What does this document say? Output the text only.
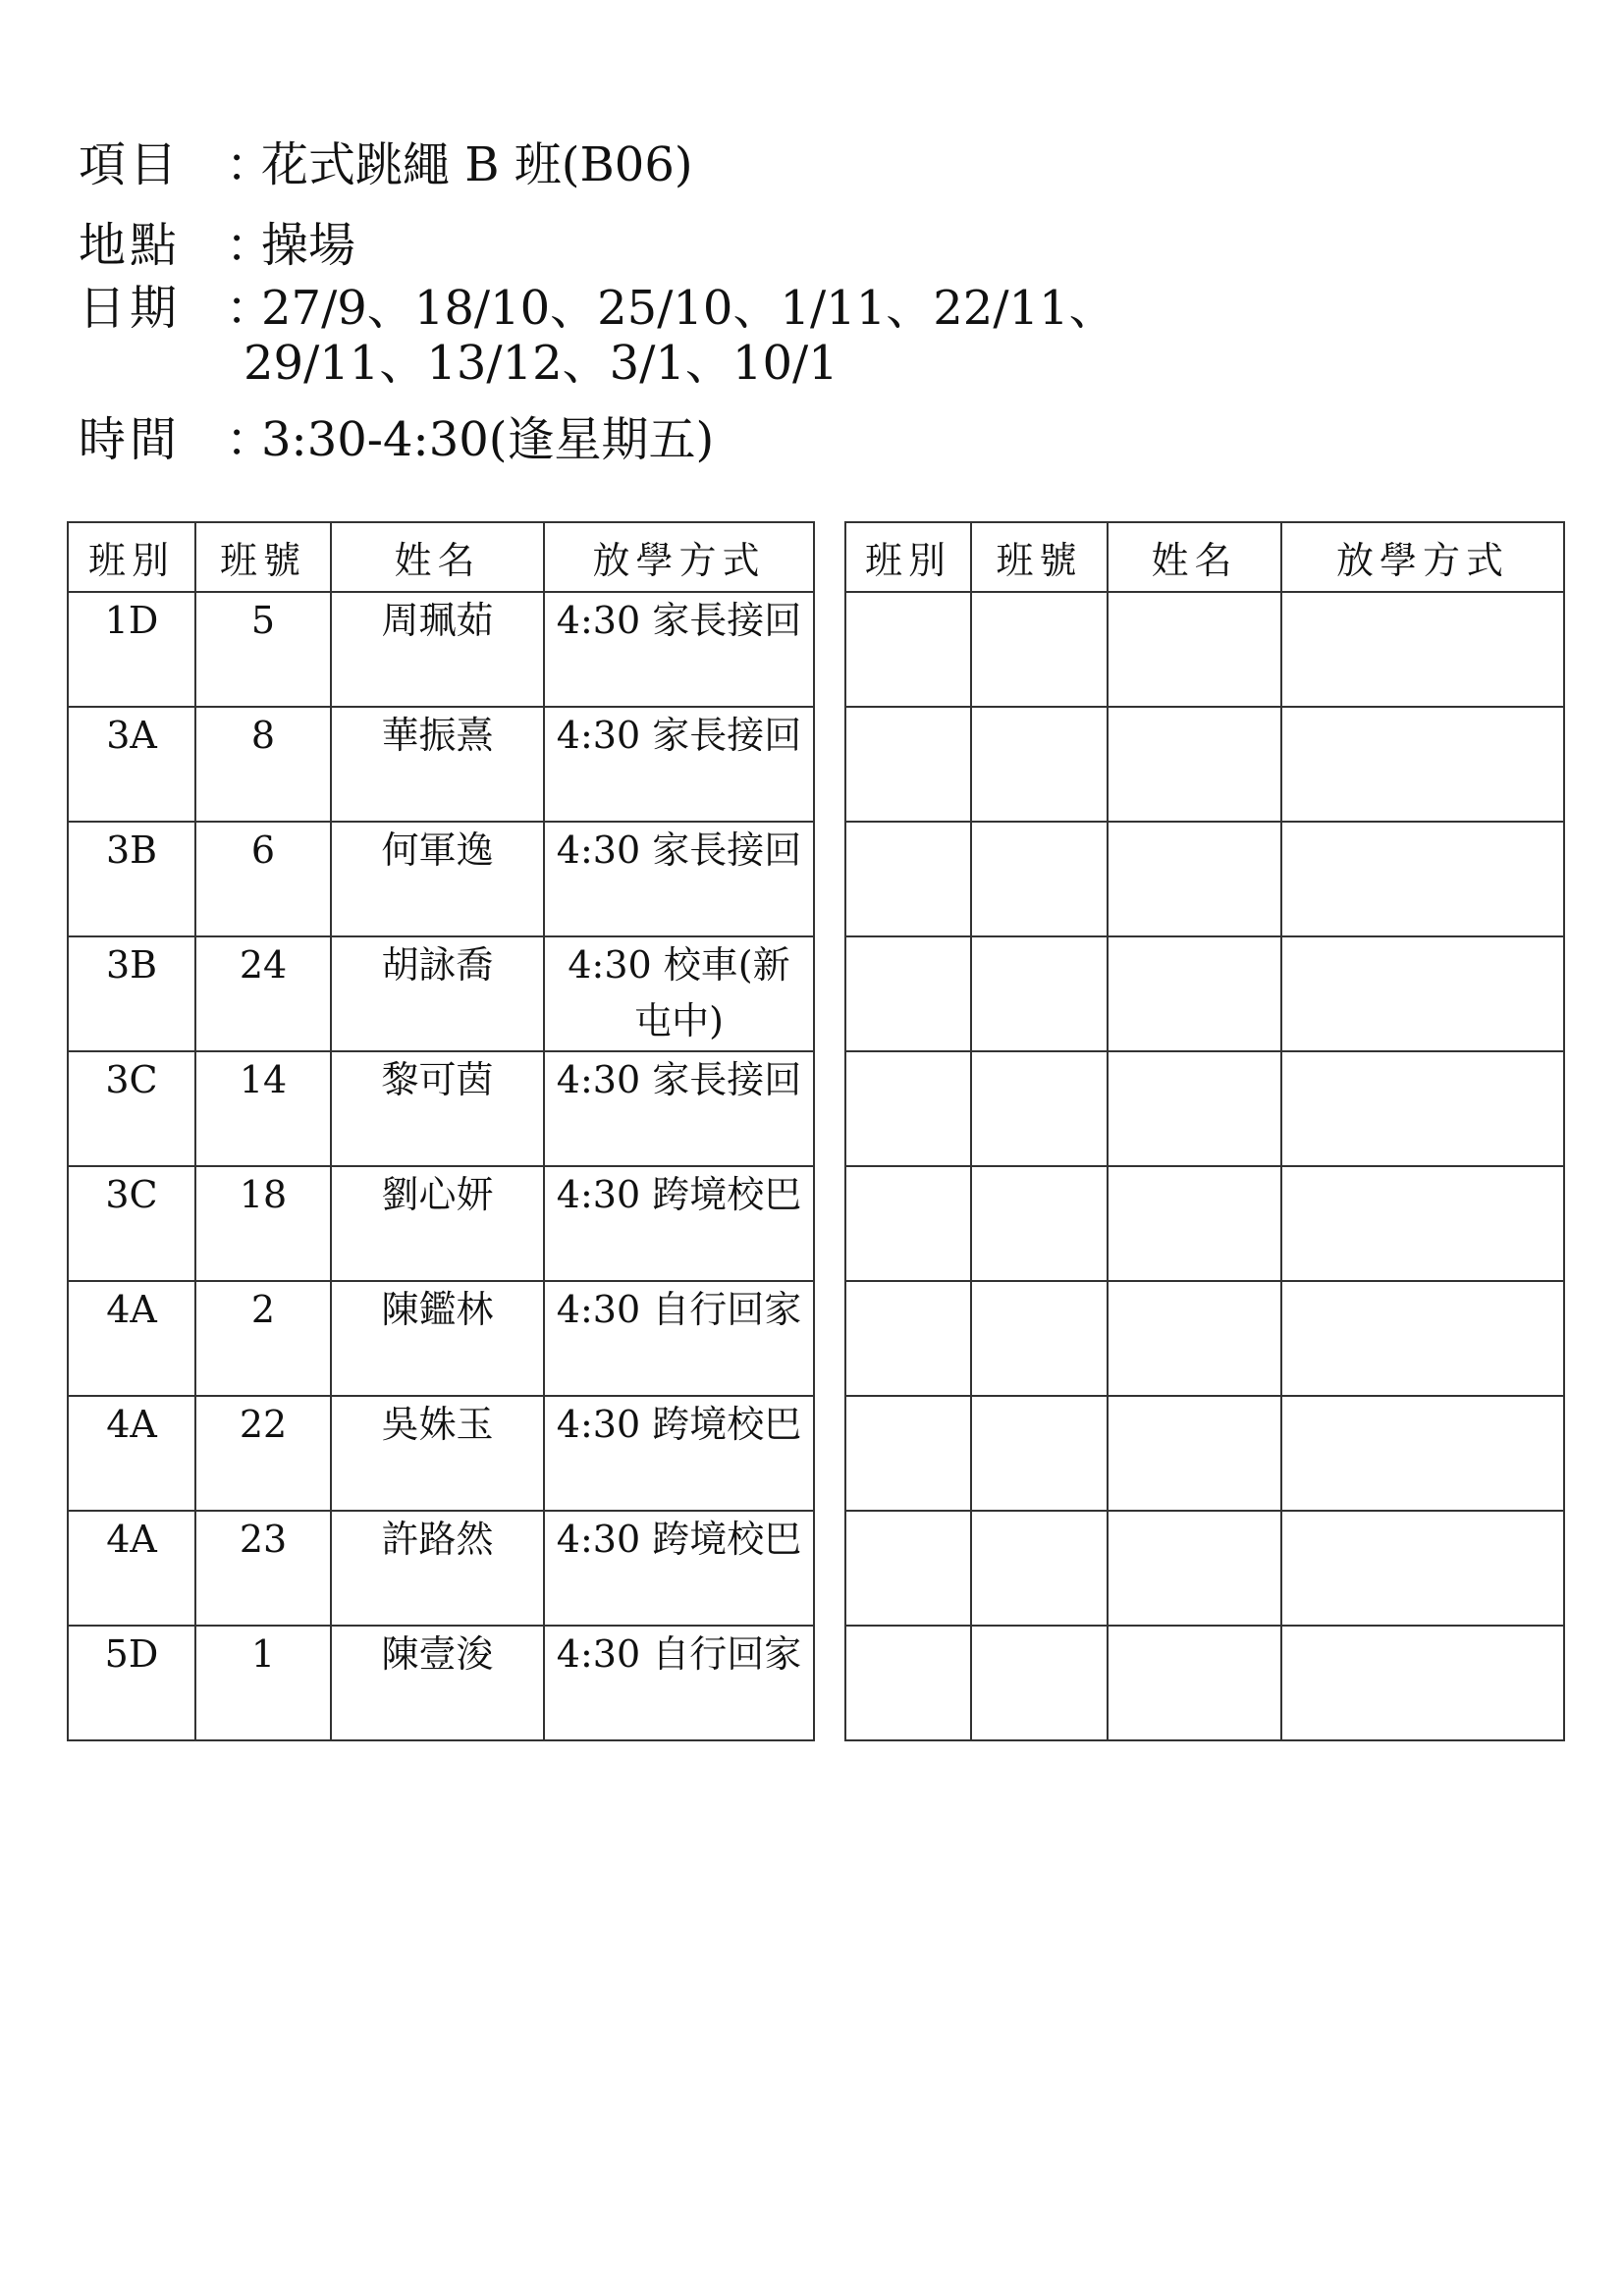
項目 ：花式跳繩 B 班(B06)
地點 ：操場
日期 ：27/9、18/10、25/10、1/11、22/11、
29/11、13/12、3/1、10/1
時間 ：3:30-4:30(逢星期五)
班別	班號	姓名	放學方式
1D	5	周珮茹	4:30 家長接回

3A	8	華振熹	4:30 家長接回

3B	6	何軍逸	4:30 家長接回

3B	24	胡詠喬	4:30 校車(新屯中)

3C	14	黎可茵	4:30 家長接回

3C	18	劉心妍	4:30 跨境校巴

4A	2	陳鑑林	4:30 自行回家

4A	22	吳姝玉	4:30 跨境校巴

4A	23	許路然	4:30 跨境校巴

5D	1	陳壹浚	4:30 自行回家
班別	班號	姓名	放學方式
